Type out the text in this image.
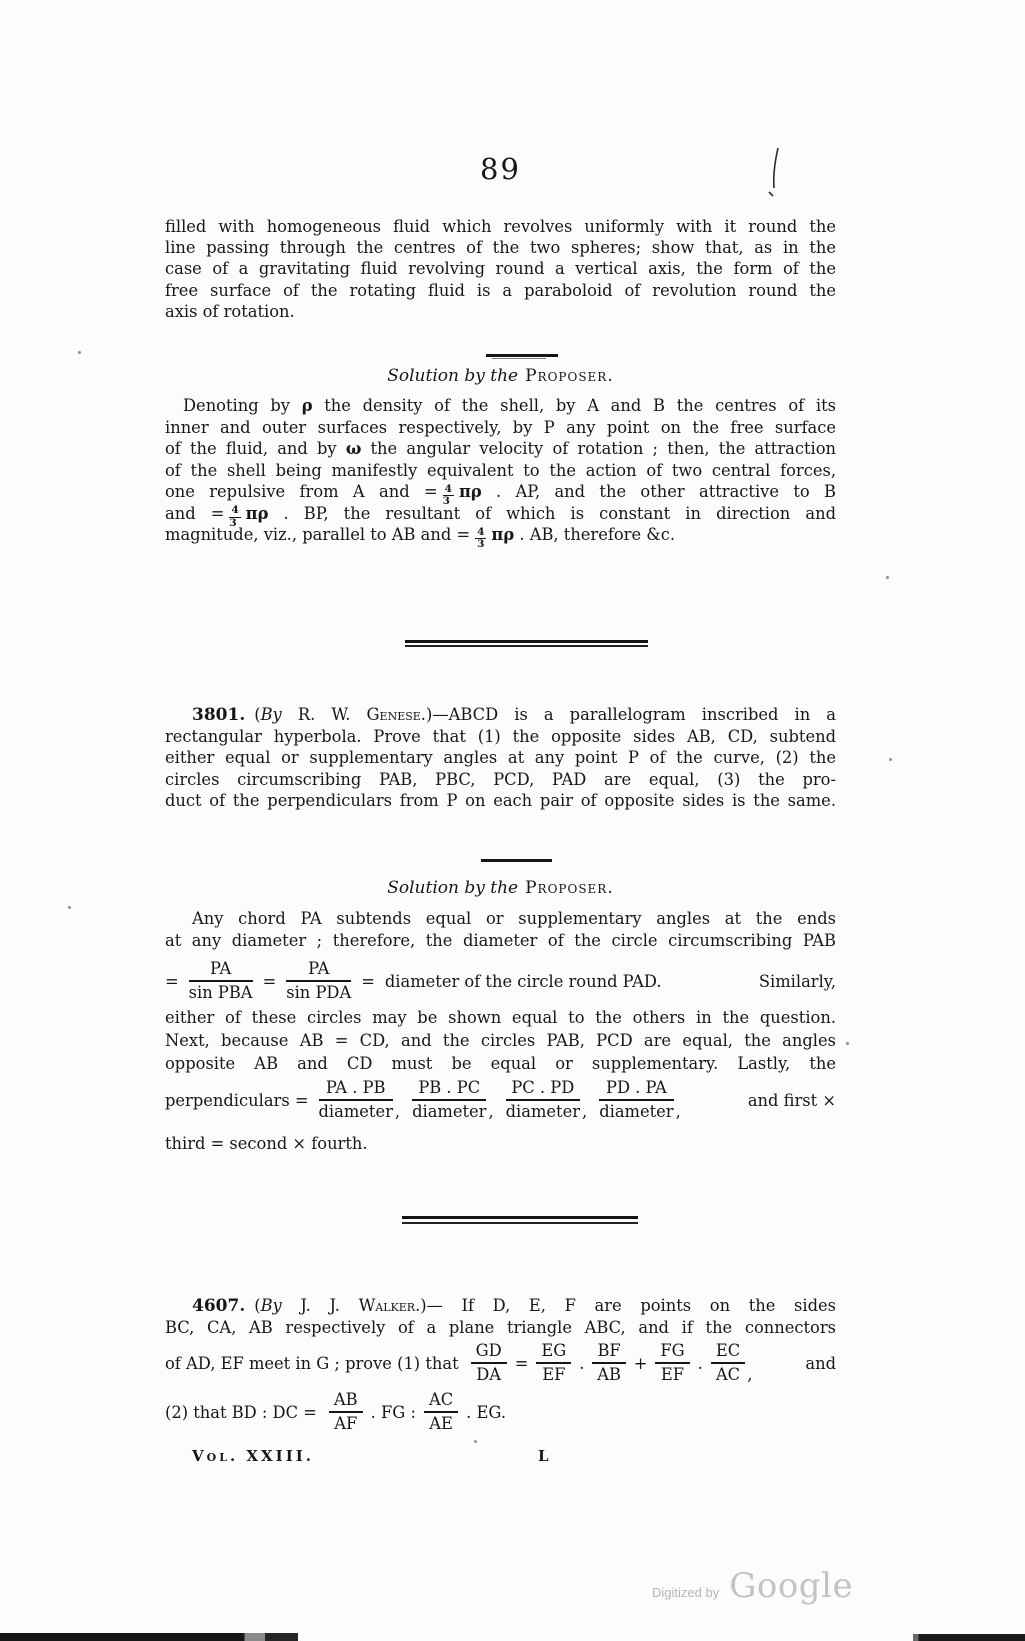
89
filled with homogeneous fluid which revolves uniformly with it round the
line passing through the centres of the two spheres; show that, as in the
case of a gravitating fluid revolving round a vertical axis, the form of the
free surface of the rotating fluid is a paraboloid of revolution round the
axis of rotation.
Solution by the Proposer.
Denoting by ρ the density of the shell, by A and B the centres of its
inner and outer surfaces respectively, by P any point on the free surface
of the fluid, and by ω the angular velocity of rotation ; then, the attraction
of the shell being manifestly equivalent to the action of two central forces,
one repulsive from A and = $\frac{4}{3}$ πρ . AP, and the other attractive to B
and = $\frac{4}{3}$ πρ . BP, the resultant of which is constant in direction and
magnitude, viz., parallel to AB and = $\frac{4}{3}$ πρ . AB, therefore &c.
3801. (By R. W. Genese.)—ABCD is a parallelogram inscribed in a
rectangular hyperbola. Prove that (1) the opposite sides AB, CD, subtend
either equal or supplementary angles at any point P of the curve, (2) the
circles circumscribing PAB, PBC, PCD, PAD are equal, (3) the pro-
duct of the perpendiculars from P on each pair of opposite sides is the same.
Solution by the Proposer.
Any chord PA subtends equal or supplementary angles at the ends
at any diameter ; therefore, the diameter of the circle circumscribing PAB
= $\frac{PA}{\text{sin PBA}} = \frac{PA}{\text{sin PDA}}$ = diameter of the circle round PAD.	Similarly,
either of these circles may be shown equal to the others in the question.
Next, because AB = CD, and the circles PAB, PCD are equal, the angles
opposite AB and CD must be equal or supplementary. Lastly, the
perpendiculars = $\frac{PA . PB}{\text{diameter}}$ , $\frac{PB . PC}{\text{diameter}}$ , $\frac{PC . PD}{\text{diameter}}$ , $\frac{PD . PA}{\text{diameter}}$ ,
and first ×
third = second × fourth.
4607. (By J. J. Walker.)— If D, E, F are points on the sides
BC, CA, AB respectively of a plane triangle ABC, and if the connectors
of AD, EF meet in G ; prove (1) that $\frac{GD}{DA} = \frac{EG}{EF}$ . $\frac{BF}{AB} + \frac{FG}{EF}$ . $\frac{EC}{AC}$ ,
and
(2) that BD : DC = $\frac{AB}{AF}$ . FG : $\frac{AC}{AE}$ . EG.
Vol. XXIII.	L
Digitized by Google
